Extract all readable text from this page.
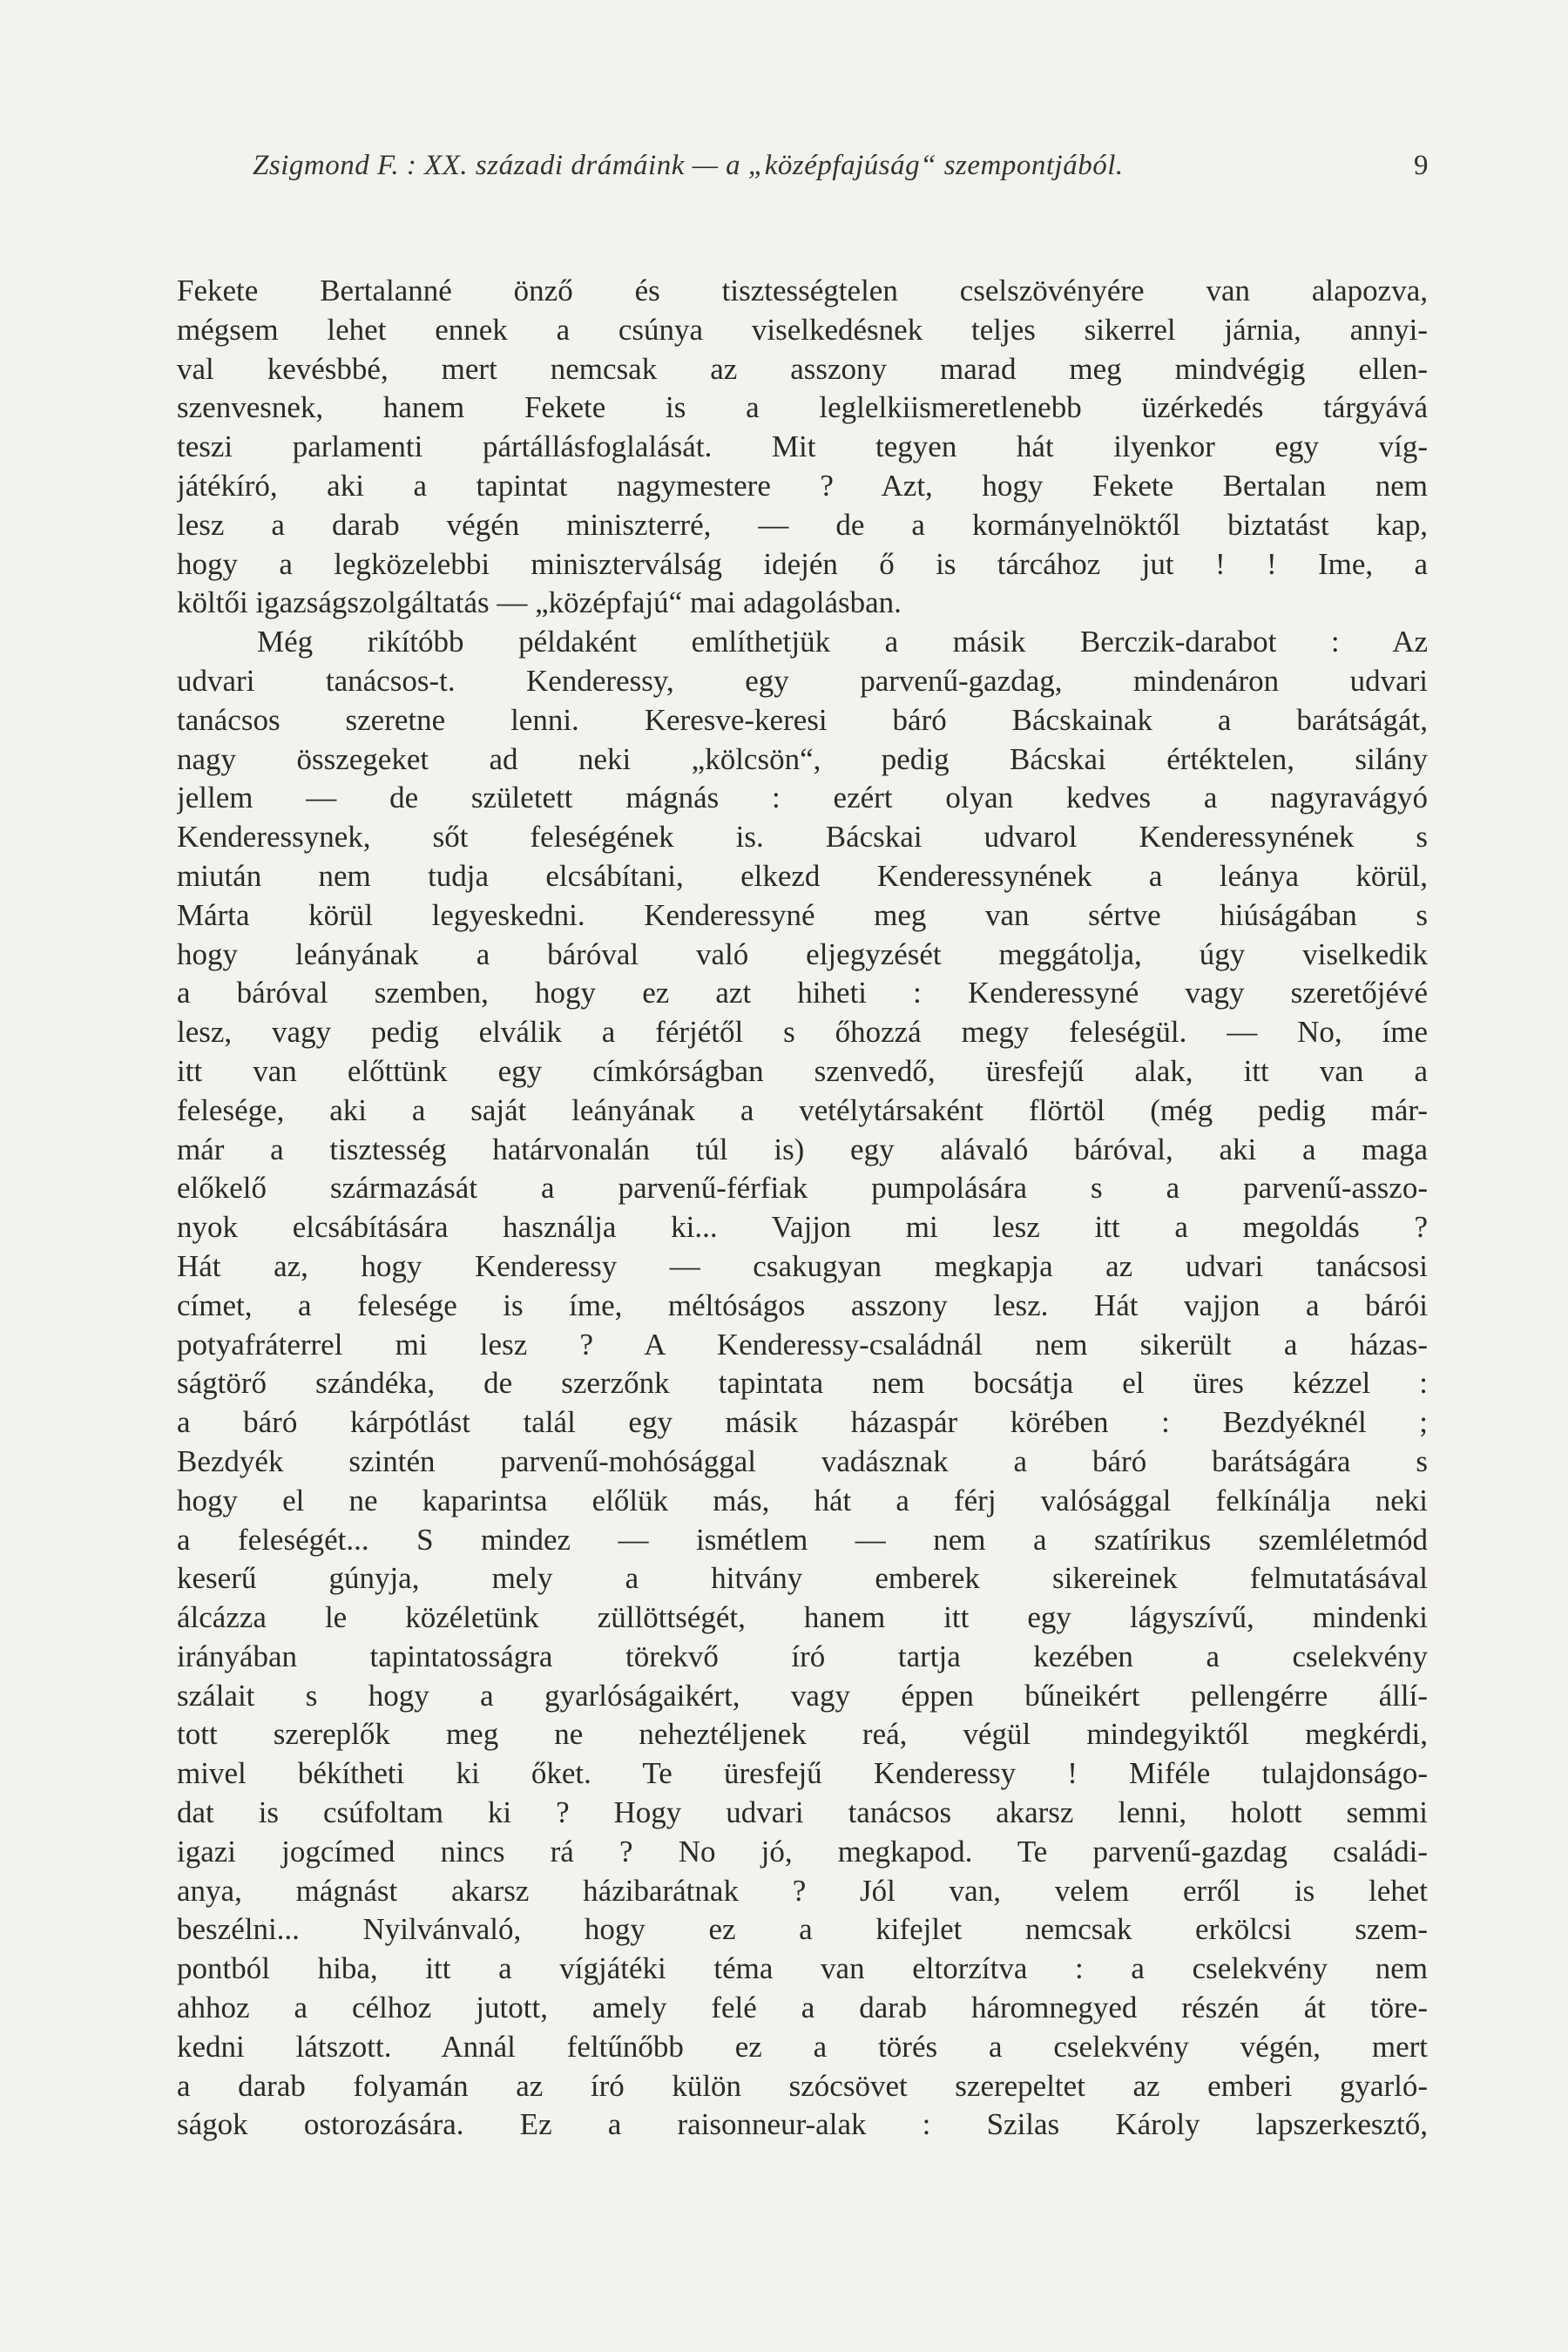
Zsigmond F. : XX. századi drámáink — a „középfajúság“ szempontjából.	9
Fekete Bertalanné önző és tisztességtelen cselszövényére van alapozva,
mégsem lehet ennek a csúnya viselkedésnek teljes sikerrel járnia, annyi-
val kevésbbé, mert nemcsak az asszony marad meg mindvégig ellen-
szenvesnek, hanem Fekete is a leglelkiismeretlenebb üzérkedés tárgyává
teszi parlamenti pártállásfoglalását. Mit tegyen hát ilyenkor egy víg-
játékíró, aki a tapintat nagymestere ? Azt, hogy Fekete Bertalan nem
lesz a darab végén miniszterré, — de a kormányelnöktől biztatást kap,
hogy a legközelebbi miniszterválság idején ő is tárcához jut ! ! Ime, a
költői igazságszolgáltatás — „középfajú“ mai adagolásban.
Még rikítóbb példaként említhetjük a másik Berczik-darabot : Az
udvari tanácsos-t. Kenderessy, egy parvenű-gazdag, mindenáron udvari
tanácsos szeretne lenni. Keresve-keresi báró Bácskainak a barátságát,
nagy összegeket ad neki „kölcsön“, pedig Bácskai értéktelen, silány
jellem — de született mágnás : ezért olyan kedves a nagyravágyó
Kenderessynek, sőt feleségének is. Bácskai udvarol Kenderessynének s
miután nem tudja elcsábítani, elkezd Kenderessynének a leánya körül,
Márta körül legyeskedni. Kenderessyné meg van sértve hiúságában s
hogy leányának a báróval való eljegyzését meggátolja, úgy viselkedik
a báróval szemben, hogy ez azt hiheti : Kenderessyné vagy szeretőjévé
lesz, vagy pedig elválik a férjétől s őhozzá megy feleségül. — No, íme
itt van előttünk egy címkórságban szenvedő, üresfejű alak, itt van a
felesége, aki a saját leányának a vetélytársaként flörtöl (még pedig már-
már a tisztesség határvonalán túl is) egy alávaló báróval, aki a maga
előkelő származását a parvenű-férfiak pumpolására s a parvenű-asszo-
nyok elcsábítására használja ki... Vajjon mi lesz itt a megoldás ?
Hát az, hogy Kenderessy — csakugyan megkapja az udvari tanácsosi
címet, a felesége is íme, méltóságos asszony lesz. Hát vajjon a bárói
potyafráterrel mi lesz ? A Kenderessy-családnál nem sikerült a házas-
ságtörő szándéka, de szerzőnk tapintata nem bocsátja el üres kézzel :
a báró kárpótlást talál egy másik házaspár körében : Bezdyéknél ;
Bezdyék szintén parvenű-mohósággal vadásznak a báró barátságára s
hogy el ne kaparintsa előlük más, hát a férj valósággal felkínálja neki
a feleségét... S mindez — ismétlem — nem a szatírikus szemléletmód
keserű gúnyja, mely a hitvány emberek sikereinek felmutatásával
álcázza le közéletünk züllöttségét, hanem itt egy lágyszívű, mindenki
irányában tapintatosságra törekvő író tartja kezében a cselekvény
szálait s hogy a gyarlóságaikért, vagy éppen bűneikért pellengérre állí-
tott szereplők meg ne neheztéljenek reá, végül mindegyiktől megkérdi,
mivel békítheti ki őket. Te üresfejű Kenderessy ! Miféle tulajdonságo-
dat is csúfoltam ki ? Hogy udvari tanácsos akarsz lenni, holott semmi
igazi jogcímed nincs rá ? No jó, megkapod. Te parvenű-gazdag családi-
anya, mágnást akarsz házibarátnak ? Jól van, velem erről is lehet
beszélni... Nyilvánvaló, hogy ez a kifejlet nemcsak erkölcsi szem-
pontból hiba, itt a vígjátéki téma van eltorzítva : a cselekvény nem
ahhoz a célhoz jutott, amely felé a darab háromnegyed részén át töre-
kedni látszott. Annál feltűnőbb ez a törés a cselekvény végén, mert
a darab folyamán az író külön szócsövet szerepeltet az emberi gyarló-
ságok ostorozására. Ez a raisonneur-alak : Szilas Károly lapszerkesztő,
